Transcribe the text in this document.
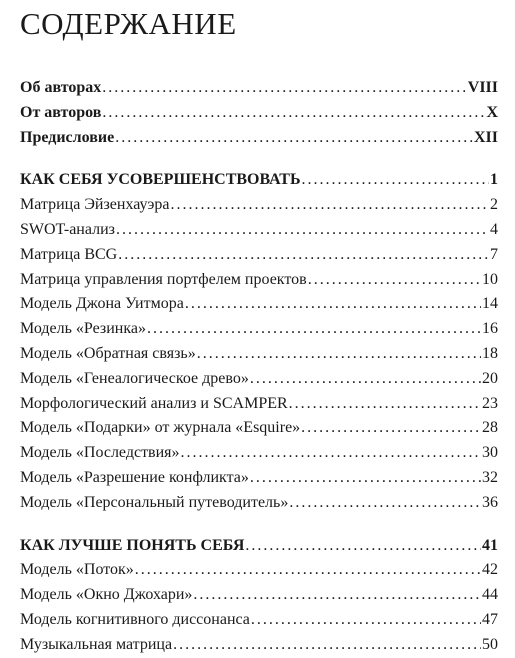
СОДЕРЖАНИЕ
Об авторах . . .	VIII
От авторов . . .	X
Предисловие . . .	XII
КАК СЕБЯ УСОВЕРШЕНСТВОВАТЬ . . .	1
Матрица Эйзенхауэра . . .	2
SWOT-анализ . . .	4
Матрица BCG . . .	7
Матрица управления портфелем проектов . . .	10
Модель Джона Уитмора . . .	14
Модель «Резинка» . . .	16
Модель «Обратная связь» . . .	18
Модель «Генеалогическое древо» . . .	20
Морфологический анализ и SCAMPER . . .	23
Модель «Подарки» от журнала «Esquire» . . .	28
Модель «Последствия» . . .	30
Модель «Разрешение конфликта» . . .	32
Модель «Персональный путеводитель» . . .	36
КАК ЛУЧШЕ ПОНЯТЬ СЕБЯ . . .	41
Модель «Поток» . . .	42
Модель «Окно Джохари» . . .	44
Модель когнитивного диссонанса . . .	47
Музыкальная матрица . . .	50
